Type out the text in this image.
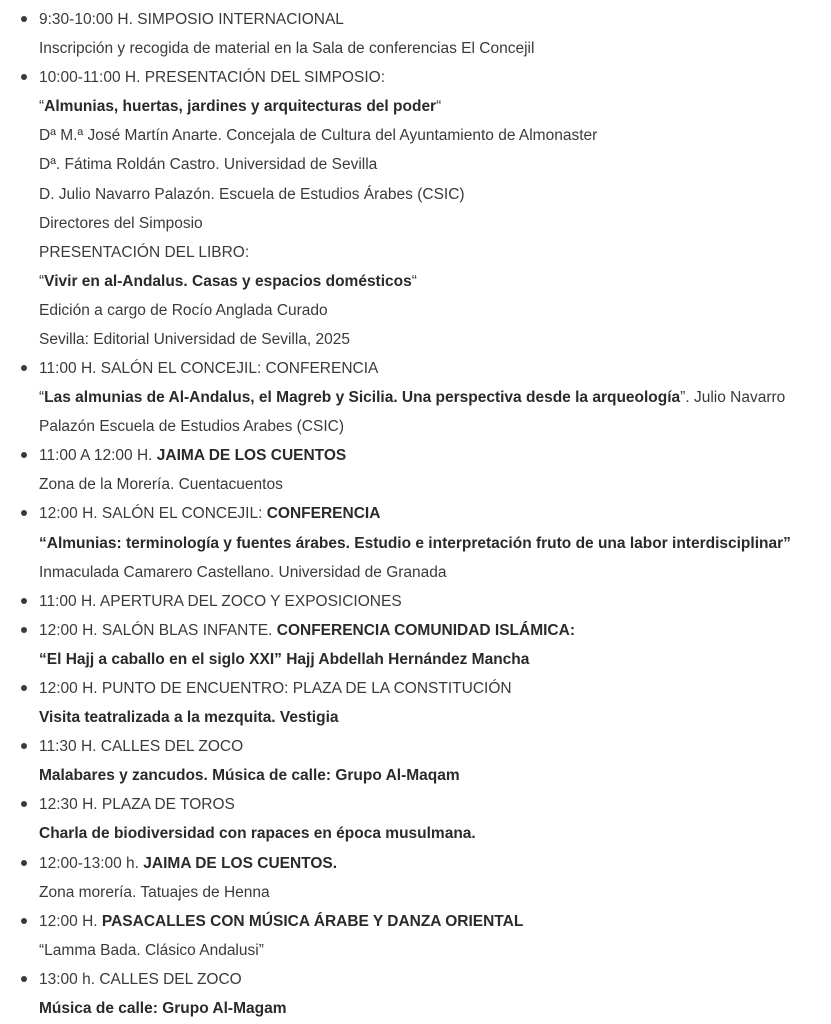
9:30-10:00 H. SIMPOSIO INTERNACIONAL
Inscripción y recogida de material en la Sala de conferencias El Concejil
10:00-11:00 H. PRESENTACIÓN DEL SIMPOSIO:
“Almunias, huertas, jardines y arquitecturas del poder“
Dª M.ª José Martín Anarte. Concejala de Cultura del Ayuntamiento de Almonaster
Dª. Fátima Roldán Castro. Universidad de Sevilla
D. Julio Navarro Palazón. Escuela de Estudios Árabes (CSIC)
Directores del Simposio
PRESENTACIÓN DEL LIBRO:
“Vivir en al-Andalus. Casas y espacios domésticos“
Edición a cargo de Rocío Anglada Curado
Sevilla: Editorial Universidad de Sevilla, 2025
11:00 H. SALÓN EL CONCEJIL: CONFERENCIA
“Las almunias de Al-Andalus, el Magreb y Sicilia. Una perspectiva desde la arqueología”. Julio Navarro Palazón Escuela de Estudios Arabes (CSIC)
11:00 A 12:00 H. JAIMA DE LOS CUENTOS
Zona de la Morería. Cuentacuentos
12:00 H. SALÓN EL CONCEJIL: CONFERENCIA
“Almunias: terminología y fuentes árabes. Estudio e interpretación fruto de una labor interdisciplinar”
Inmaculada Camarero Castellano. Universidad de Granada
11:00 H. APERTURA DEL ZOCO Y EXPOSICIONES
12:00 H. SALÓN BLAS INFANTE. CONFERENCIA COMUNIDAD ISLÁMICA:
“El Hajj a caballo en el siglo XXI” Hajj Abdellah Hernández Mancha
12:00 H. PUNTO DE ENCUENTRO: PLAZA DE LA CONSTITUCIÓN
Visita teatralizada a la mezquita. Vestigia
11:30 H. CALLES DEL ZOCO
Malabares y zancudos. Música de calle: Grupo Al-Maqam
12:30 H. PLAZA DE TOROS
Charla de biodiversidad con rapaces en época musulmana.
12:00-13:00 h. JAIMA DE LOS CUENTOS.
Zona morería. Tatuajes de Henna
12:00 H. PASACALLES CON MÚSICA ÁRABE Y DANZA ORIENTAL
“Lamma Bada. Clásico Andalusi”
13:00 h. CALLES DEL ZOCO
Música de calle: Grupo Al-Magam
